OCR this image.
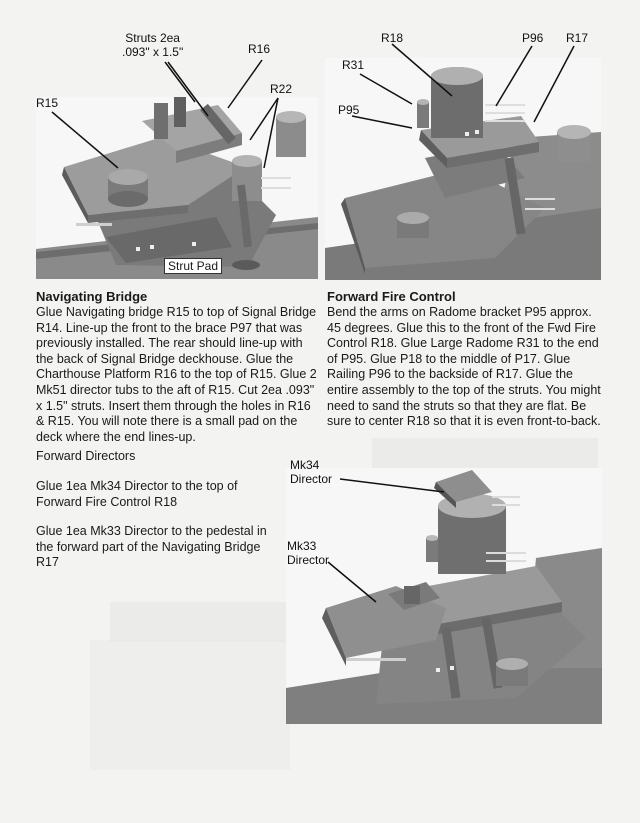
Struts 2ea
.093" x 1.5"	R16
R22
R15
Strut Pad
R18	P96 R17
R31
P95
Navigating Bridge
Glue Navigating bridge R15 to top of Signal Bridge R14. Line-up the front to the brace P97 that was previously installed. The rear should line-up with the back of Signal Bridge deckhouse. Glue the Charthouse Platform R16 to the top of R15. Glue 2 Mk51 director tubs to the aft of R15. Cut 2ea .093" x 1.5" struts. Insert them through the holes in R16 & R15. You will note there is a small pad on the deck where the end lines-up.
Forward Fire Control
Bend the arms on Radome bracket P95 approx. 45 degrees. Glue this to the front of the Fwd Fire Control R18. Glue Large Radome R31 to the end of P95. Glue P18 to the middle of P17. Glue Railing P96 to the backside of R17. Glue the entire assembly to the top of the struts. You might need to sand the struts so that they are flat. Be sure to center R18 so that it is even front-to-back.
Forward Directors
Glue 1ea Mk34 Director to the top of Forward Fire Control R18
Glue 1ea Mk33 Director to the pedestal in the forward part of the Navigating Bridge R17
Mk34
Director
Mk33
Director
